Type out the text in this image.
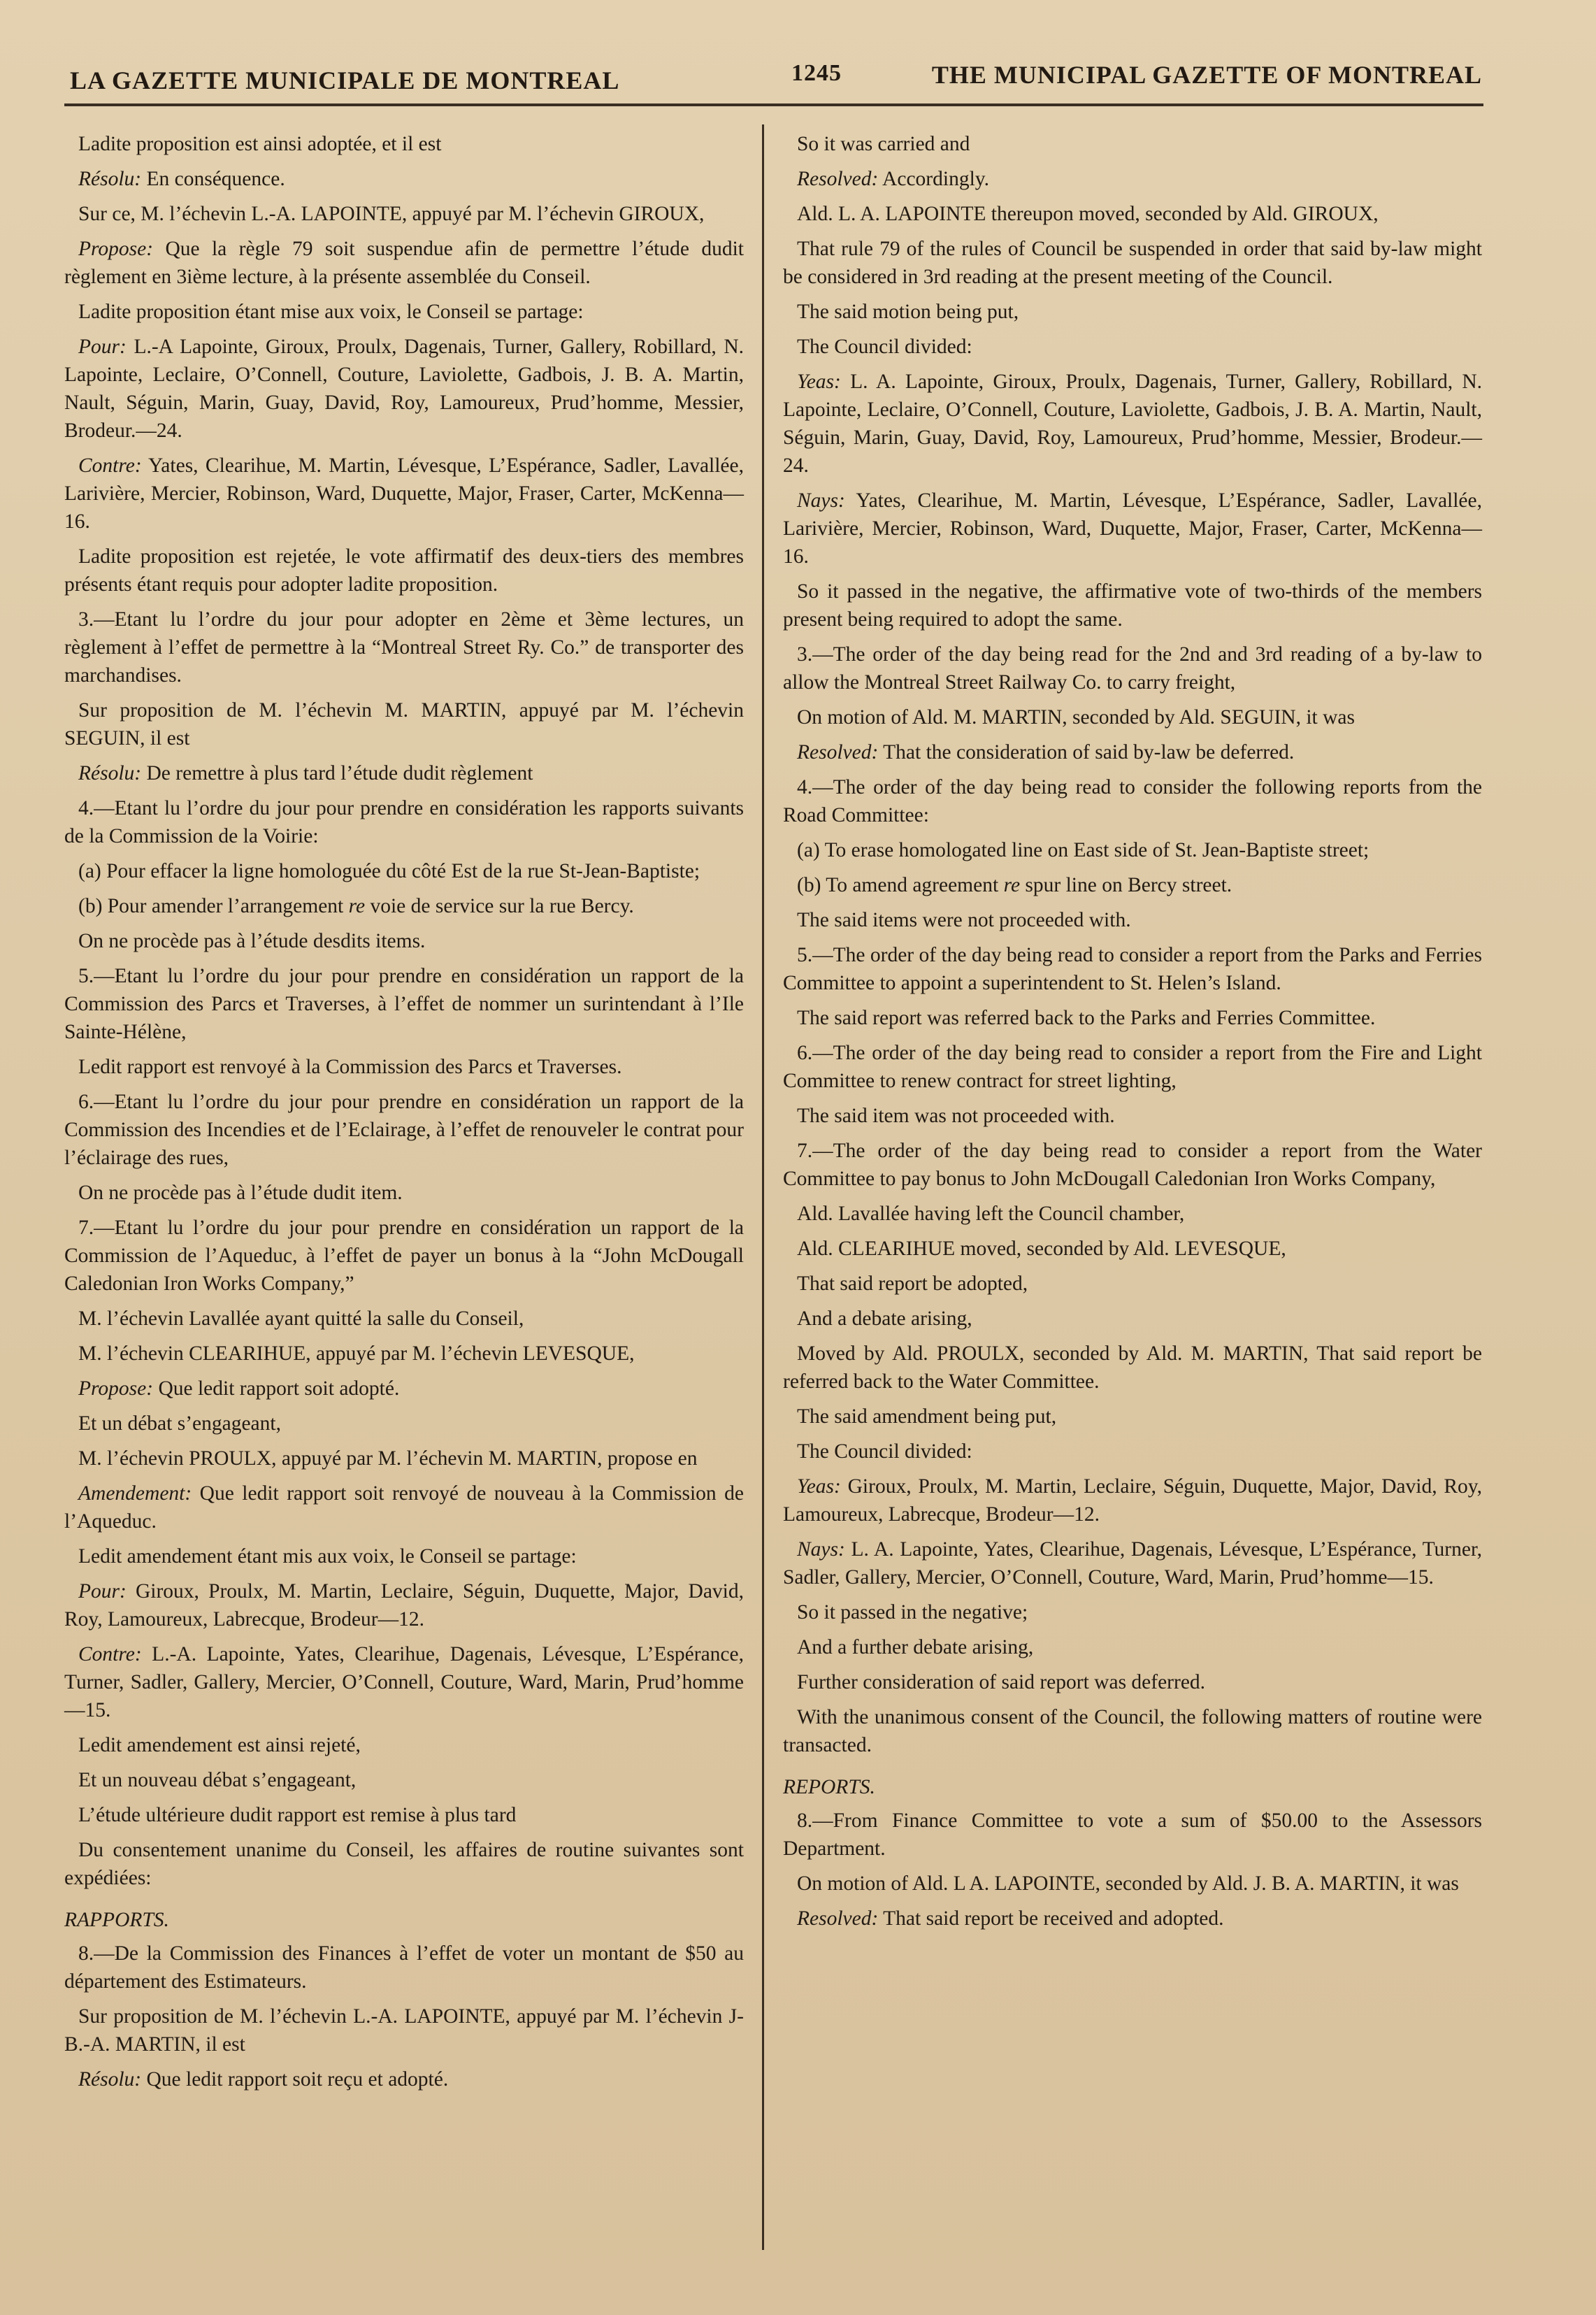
LA GAZETTE MUNICIPALE DE MONTREAL	1245	THE MUNICIPAL GAZETTE OF MONTREAL

Ladite proposition est ainsi adoptée, et il est

Résolu: En conséquence.

Sur ce, M. l’échevin L.-A. LAPOINTE, appuyé par M. l’échevin GIROUX,

Propose: Que la règle 79 soit suspendue afin de permettre l’étude dudit règlement en 3ième lecture, à la présente assemblée du Conseil.

Ladite proposition étant mise aux voix, le Conseil se partage:

Pour: L.-A Lapointe, Giroux, Proulx, Dagenais, Turner, Gallery, Robillard, N. Lapointe, Leclaire, O’Connell, Couture, Laviolette, Gadbois, J. B. A. Martin, Nault, Séguin, Marin, Guay, David, Roy, Lamoureux, Prud’homme, Messier, Brodeur.—24.

Contre: Yates, Clearihue, M. Martin, Lévesque, L’Espérance, Sadler, Lavallée, Larivière, Mercier, Robinson, Ward, Duquette, Major, Fraser, Carter, McKenna—16.

Ladite proposition est rejetée, le vote affirmatif des deux-tiers des membres présents étant requis pour adopter ladite proposition.

3.—Etant lu l’ordre du jour pour adopter en 2ème et 3ème lectures, un règlement à l’effet de permettre à la “Montreal Street Ry. Co.” de transporter des marchandises.

Sur proposition de M. l’échevin M. MARTIN, appuyé par M. l’échevin SEGUIN, il est

Résolu: De remettre à plus tard l’étude dudit règlement

4.—Etant lu l’ordre du jour pour prendre en considération les rapports suivants de la Commission de la Voirie:

(a) Pour effacer la ligne homologuée du côté Est de la rue St-Jean-Baptiste;

(b) Pour amender l’arrangement re voie de service sur la rue Bercy.

On ne procède pas à l’étude desdits items.

5.—Etant lu l’ordre du jour pour prendre en considération un rapport de la Commission des Parcs et Traverses, à l’effet de nommer un surintendant à l’Ile Sainte-Hélène,

Ledit rapport est renvoyé à la Commission des Parcs et Traverses.

6.—Etant lu l’ordre du jour pour prendre en considération un rapport de la Commission des Incendies et de l’Eclairage, à l’effet de renouveler le contrat pour l’éclairage des rues,

On ne procède pas à l’étude dudit item.

7.—Etant lu l’ordre du jour pour prendre en considération un rapport de la Commission de l’Aqueduc, à l’effet de payer un bonus à la “John McDougall Caledonian Iron Works Company,”

M. l’échevin Lavallée ayant quitté la salle du Conseil,

M. l’échevin CLEARIHUE, appuyé par M. l’échevin LEVESQUE,

Propose: Que ledit rapport soit adopté.

Et un débat s’engageant,

M. l’échevin PROULX, appuyé par M. l’échevin M. MARTIN, propose en

Amendement: Que ledit rapport soit renvoyé de nouveau à la Commission de l’Aqueduc.

Ledit amendement étant mis aux voix, le Conseil se partage:

Pour: Giroux, Proulx, M. Martin, Leclaire, Séguin, Duquette, Major, David, Roy, Lamoureux, Labrecque, Brodeur—12.

Contre: L.-A. Lapointe, Yates, Clearihue, Dagenais, Lévesque, L’Espérance, Turner, Sadler, Gallery, Mercier, O’Connell, Couture, Ward, Marin, Prud’homme—15.

Ledit amendement est ainsi rejeté,

Et un nouveau débat s’engageant,

L’étude ultérieure dudit rapport est remise à plus tard

Du consentement unanime du Conseil, les affaires de routine suivantes sont expédiées:

RAPPORTS.

8.—De la Commission des Finances à l’effet de voter un montant de $50 au département des Estimateurs.

Sur proposition de M. l’échevin L.-A. LAPOINTE, appuyé par M. l’échevin J-B.-A. MARTIN, il est

Résolu: Que ledit rapport soit reçu et adopté.

So it was carried and

Resolved: Accordingly.

Ald. L. A. LAPOINTE thereupon moved, seconded by Ald. GIROUX,

That rule 79 of the rules of Council be suspended in order that said by-law might be considered in 3rd reading at the present meeting of the Council.

The said motion being put,

The Council divided:

Yeas: L. A. Lapointe, Giroux, Proulx, Dagenais, Turner, Gallery, Robillard, N. Lapointe, Leclaire, O’Connell, Couture, Laviolette, Gadbois, J. B. A. Martin, Nault, Séguin, Marin, Guay, David, Roy, Lamoureux, Prud’homme, Messier, Brodeur.—24.

Nays: Yates, Clearihue, M. Martin, Lévesque, L’Espérance, Sadler, Lavallée, Larivière, Mercier, Robinson, Ward, Duquette, Major, Fraser, Carter, McKenna—16.

So it passed in the negative, the affirmative vote of two-thirds of the members present being required to adopt the same.

3.—The order of the day being read for the 2nd and 3rd reading of a by-law to allow the Montreal Street Railway Co. to carry freight,

On motion of Ald. M. MARTIN, seconded by Ald. SEGUIN, it was

Resolved: That the consideration of said by-law be deferred.

4.—The order of the day being read to consider the following reports from the Road Committee:

(a) To erase homologated line on East side of St. Jean-Baptiste street;

(b) To amend agreement re spur line on Bercy street.

The said items were not proceeded with.

5.—The order of the day being read to consider a report from the Parks and Ferries Committee to appoint a superintendent to St. Helen’s Island.

The said report was referred back to the Parks and Ferries Committee.

6.—The order of the day being read to consider a report from the Fire and Light Committee to renew contract for street lighting,

The said item was not proceeded with.

7.—The order of the day being read to consider a report from the Water Committee to pay bonus to John McDougall Caledonian Iron Works Company,

Ald. Lavallée having left the Council chamber,

Ald. CLEARIHUE moved, seconded by Ald. LEVESQUE,

That said report be adopted,

And a debate arising,

Moved by Ald. PROULX, seconded by Ald. M. MARTIN, That said report be referred back to the Water Committee.

The said amendment being put,

The Council divided:

Yeas: Giroux, Proulx, M. Martin, Leclaire, Séguin, Duquette, Major, David, Roy, Lamoureux, Labrecque, Brodeur—12.

Nays: L. A. Lapointe, Yates, Clearihue, Dagenais, Lévesque, L’Espérance, Turner, Sadler, Gallery, Mercier, O’Connell, Couture, Ward, Marin, Prud’homme—15.

So it passed in the negative;

And a further debate arising,

Further consideration of said report was deferred.

With the unanimous consent of the Council, the following matters of routine were transacted.

REPORTS.

8.—From Finance Committee to vote a sum of $50.00 to the Assessors Department.

On motion of Ald. L A. LAPOINTE, seconded by Ald. J. B. A. MARTIN, it was

Resolved: That said report be received and adopted.
